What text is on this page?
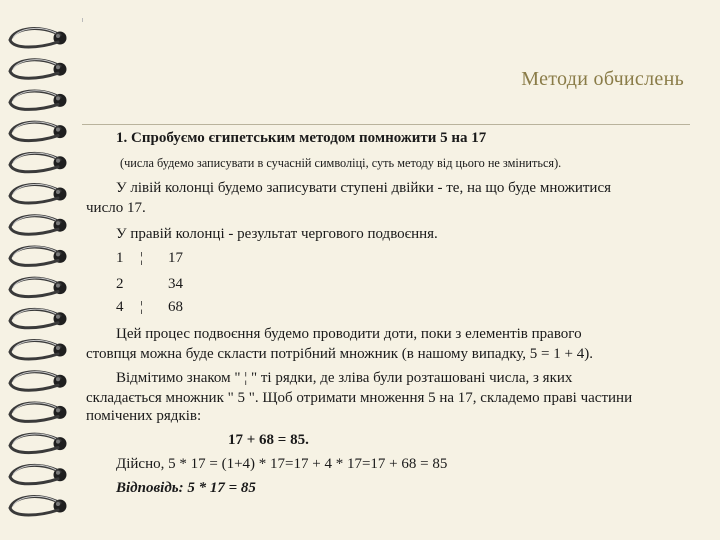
Методи обчислень

1. Спробуємо єгипетським методом помножити 5 на 17

(числа будемо записувати в сучасній символіці, суть методу від цього не зміниться).

У лівій колонці будемо записувати ступені двійки - те, на що буде множитися

число 17.

У правій колонці - результат чергового подвоєння.

1 ¦ 17
2	34
4 ¦ 68

Цей процес подвоєння будемо проводити доти, поки з елементів правого

стовпця можна буде скласти потрібний множник (в нашому випадку, 5 = 1 + 4).

Відмітимо знаком " ¦ " ті рядки, де зліва були розташовані числа, з яких

складається множник " 5 ". Щоб отримати множення 5 на 17, складемо праві частини

помічених рядків:

17 + 68 = 85.

Дійсно, 5 * 17 = (1+4) * 17=17 + 4 * 17=17 + 68 = 85

Відповідь: 5 * 17 = 85
